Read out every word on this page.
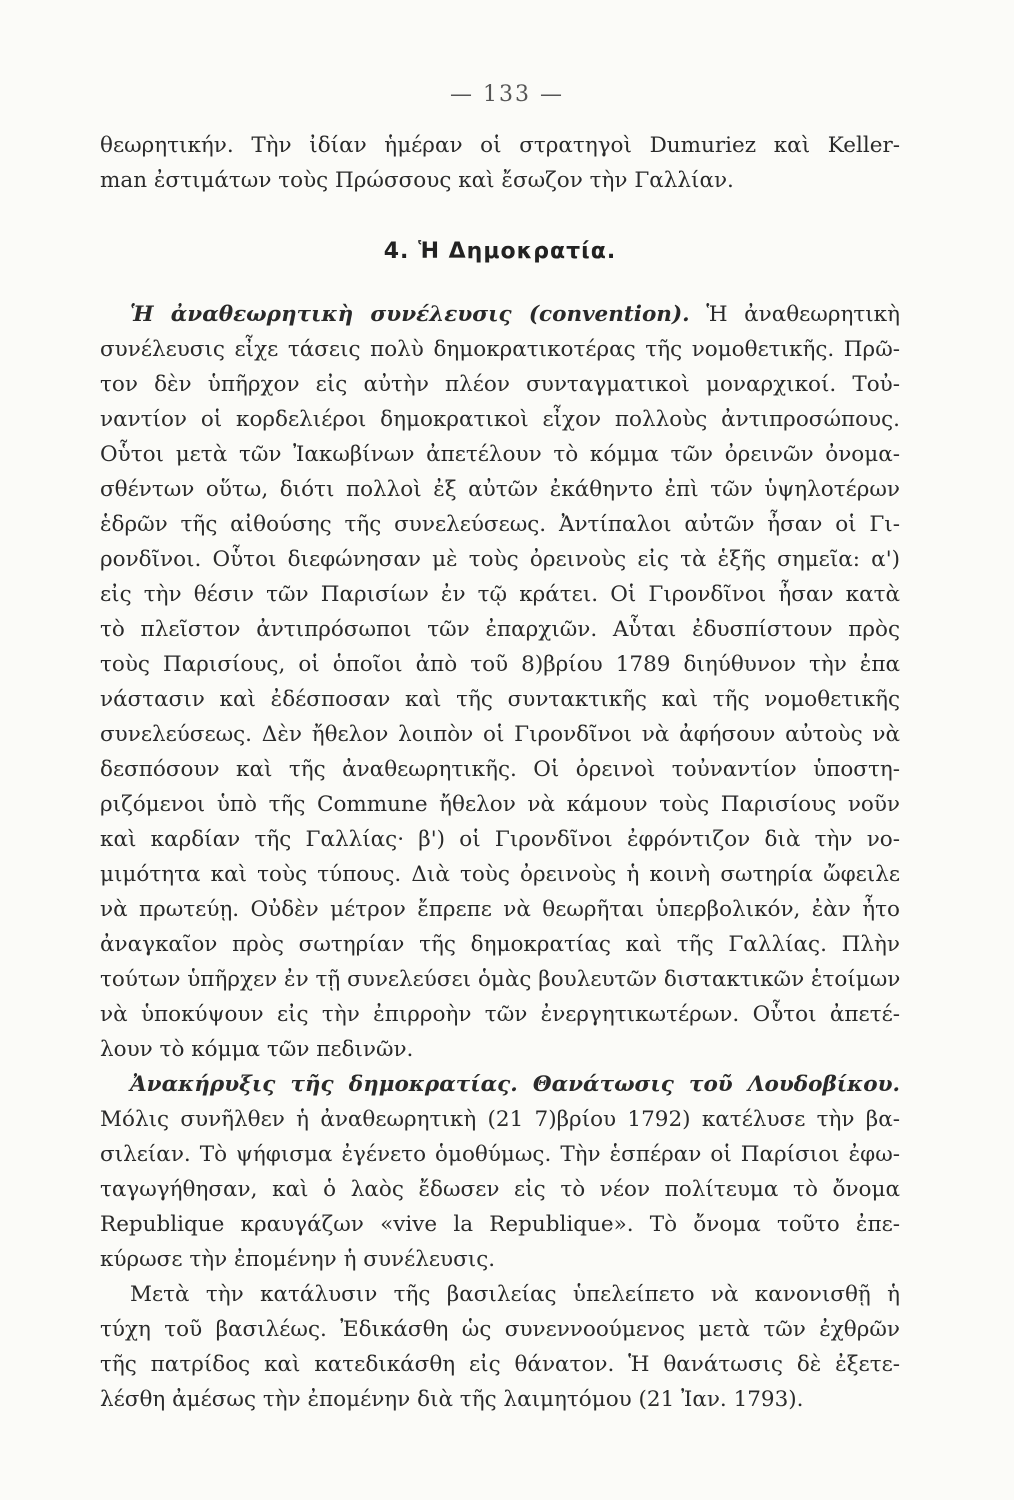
— 133 —
θεωρητικήν. Τὴν ἰδίαν ἡμέραν οἱ στρατηγοὶ Dumuriez καὶ Keller-
man ἐστιμάτων τοὺς Πρώσσους καὶ ἔσωζον τὴν Γαλλίαν.
4. Ἡ Δημοκρατία.
Ἡ ἀναθεωρητικὴ συνέλευσις (convention). Ἡ ἀναθεωρητικὴ
συνέλευσις εἶχε τάσεις πολὺ δημοκρατικοτέρας τῆς νομοθετικῆς. Πρῶ-
τον δὲν ὑπῆρχον εἰς αὐτὴν πλέον συνταγματικοὶ μοναρχικοί. Τοὐ-
ναντίον οἱ κορδελιέροι δημοκρατικοὶ εἶχον πολλοὺς ἀντιπροσώπους.
Οὗτοι μετὰ τῶν Ἰακωβίνων ἀπετέλουν τὸ κόμμα τῶν ὀρεινῶν ὀνομα-
σθέντων οὕτω, διότι πολλοὶ ἐξ αὐτῶν ἐκάθηντο ἐπὶ τῶν ὑψηλοτέρων
ἑδρῶν τῆς αἰθούσης τῆς συνελεύσεως. Ἀντίπαλοι αὐτῶν ἦσαν οἱ Γι-
ρονδῖνοι. Οὗτοι διεφώνησαν μὲ τοὺς ὀρεινοὺς εἰς τὰ ἑξῆς σημεῖα: α')
εἰς τὴν θέσιν τῶν Παρισίων ἐν τῷ κράτει. Οἱ Γιρονδῖνοι ἦσαν κατὰ
τὸ πλεῖστον ἀντιπρόσωποι τῶν ἐπαρχιῶν. Αὗται ἐδυσπίστουν πρὸς
τοὺς Παρισίους, οἱ ὁποῖοι ἀπὸ τοῦ 8)βρίου 1789 διηύθυνον τὴν ἐπα
νάστασιν καὶ ἐδέσποσαν καὶ τῆς συντακτικῆς καὶ τῆς νομοθετικῆς
συνελεύσεως. Δὲν ἤθελον λοιπὸν οἱ Γιρονδῖνοι νὰ ἀφήσουν αὐτοὺς νὰ
δεσπόσουν καὶ τῆς ἀναθεωρητικῆς. Οἱ ὀρεινοὶ τοὐναντίον ὑποστη-
ριζόμενοι ὑπὸ τῆς Commune ἤθελον νὰ κάμουν τοὺς Παρισίους νοῦν
καὶ καρδίαν τῆς Γαλλίας· β') οἱ Γιρονδῖνοι ἐφρόντιζον διὰ τὴν νο-
μιμότητα καὶ τοὺς τύπους. Διὰ τοὺς ὀρεινοὺς ἡ κοινὴ σωτηρία ὤφειλε
νὰ πρωτεύῃ. Οὐδὲν μέτρον ἔπρεπε νὰ θεωρῆται ὑπερβολικόν, ἐὰν ἦτο
ἀναγκαῖον πρὸς σωτηρίαν τῆς δημοκρατίας καὶ τῆς Γαλλίας. Πλὴν
τούτων ὑπῆρχεν ἐν τῇ συνελεύσει ὁμὰς βουλευτῶν διστακτικῶν ἑτοίμων
νὰ ὑποκύψουν εἰς τὴν ἐπιρροὴν τῶν ἐνεργητικωτέρων. Οὗτοι ἀπετέ-
λουν τὸ κόμμα τῶν πεδινῶν.
Ἀνακήρυξις τῆς δημοκρατίας. Θανάτωσις τοῦ Λουδοβίκου.
Μόλις συνῆλθεν ἡ ἀναθεωρητικὴ (21 7)βρίου 1792) κατέλυσε τὴν βα-
σιλείαν. Τὸ ψήφισμα ἐγένετο ὁμοθύμως. Τὴν ἑσπέραν οἱ Παρίσιοι ἐφω-
ταγωγήθησαν, καὶ ὁ λαὸς ἔδωσεν εἰς τὸ νέον πολίτευμα τὸ ὄνομα
Republique κραυγάζων «vive la Republique». Τὸ ὄνομα τοῦτο ἐπε-
κύρωσε τὴν ἐπομένην ἡ συνέλευσις.
Μετὰ τὴν κατάλυσιν τῆς βασιλείας ὑπελείπετο νὰ κανονισθῇ ἡ
τύχη τοῦ βασιλέως. Ἐδικάσθη ὡς συνεννοούμενος μετὰ τῶν ἐχθρῶν
τῆς πατρίδος καὶ κατεδικάσθη εἰς θάνατον. Ἡ θανάτωσις δὲ ἐξετε-
λέσθη ἀμέσως τὴν ἐπομένην διὰ τῆς λαιμητόμου (21 Ἰαν. 1793).
